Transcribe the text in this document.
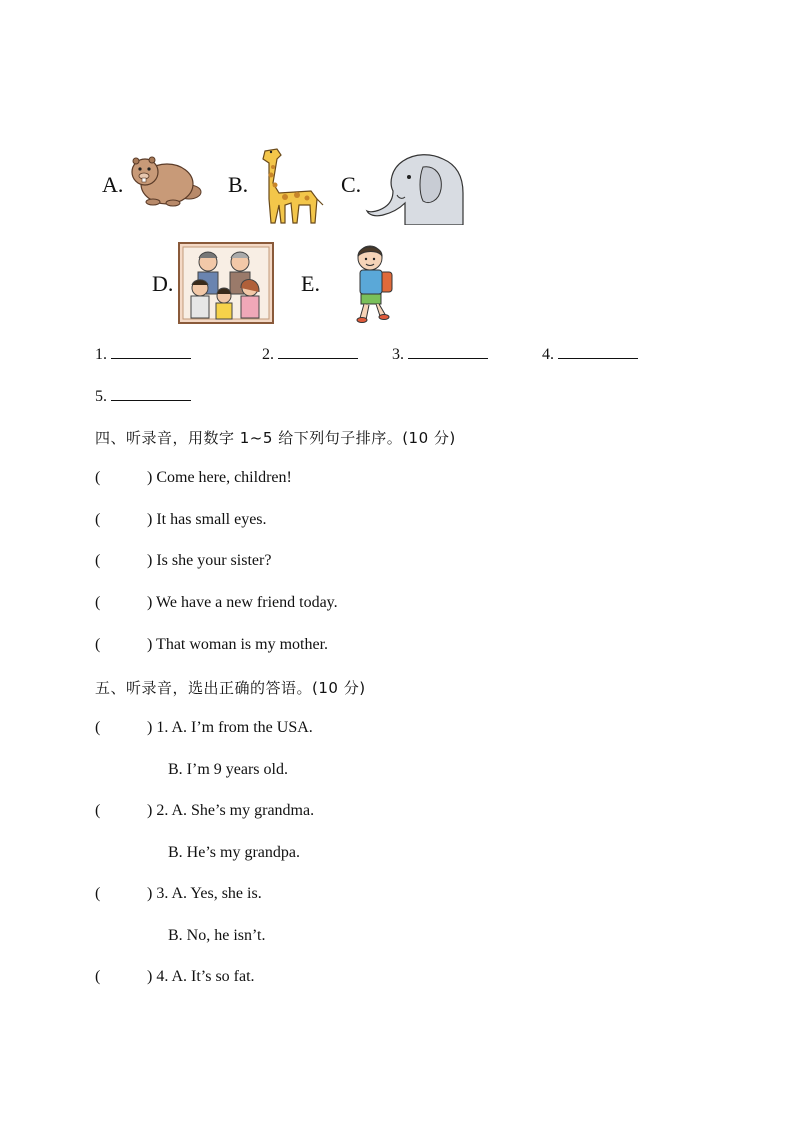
A.	B.	C.
D.	E.
1.	2.	3.	4.
5.
四、听录音，用数字 1~5 给下列句子排序。(10 分)
(	) Come here, children!
(	) It has small eyes.
(	) Is she your sister?
(	) We have a new friend today.
(	) That woman is my mother.
五、听录音，选出正确的答语。(10 分)
(	) 1. A. I’m from the USA.
B. I’m 9 years old.
(	) 2. A. She’s my grandma.
B. He’s my grandpa.
(	) 3. A. Yes, she is.
B. No, he isn’t.
(	) 4. A. It’s so fat.
